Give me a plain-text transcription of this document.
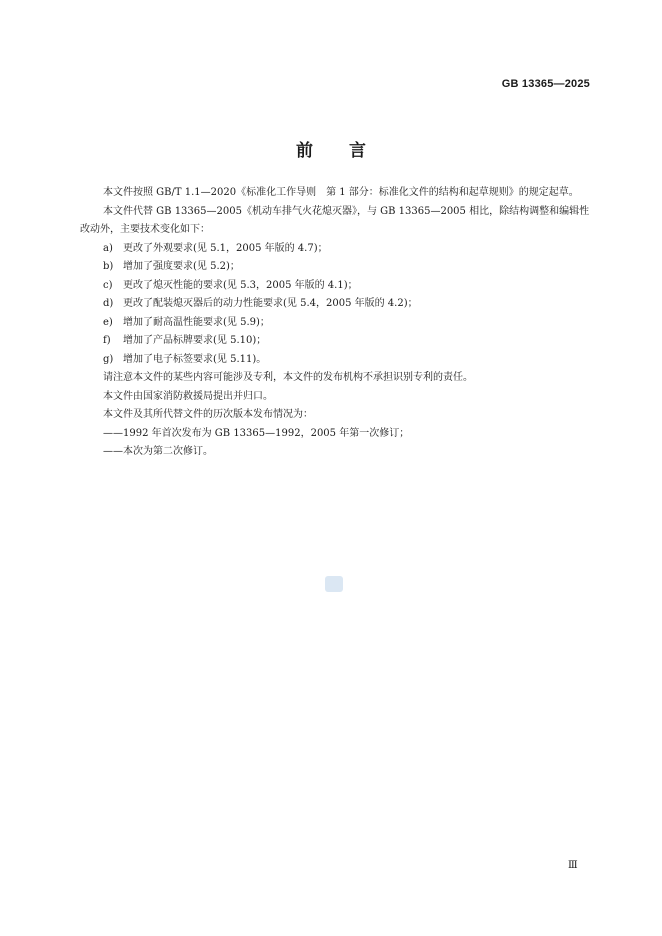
GB 13365—2025
前言

本文件按照 GB/T 1.1—2020《标准化工作导则　第 1 部分：标准化文件的结构和起草规则》的规定起草。

本文件代替 GB 13365—2005《机动车排气火花熄灭器》，与 GB 13365—2005 相比，除结构调整和编辑性改动外，主要技术变化如下：

a) 更改了外观要求(见 5.1，2005 年版的 4.7)；

b) 增加了强度要求(见 5.2)；

c) 更改了熄灭性能的要求(见 5.3，2005 年版的 4.1)；

d) 更改了配装熄灭器后的动力性能要求(见 5.4，2005 年版的 4.2)；

e) 增加了耐高温性能要求(见 5.9)；

f) 增加了产品标牌要求(见 5.10)；

g) 增加了电子标签要求(见 5.11)。

请注意本文件的某些内容可能涉及专利，本文件的发布机构不承担识别专利的责任。

本文件由国家消防救援局提出并归口。

本文件及其所代替文件的历次版本发布情况为：

——1992 年首次发布为 GB 13365—1992，2005 年第一次修订；

——本次为第二次修订。

Ⅲ
